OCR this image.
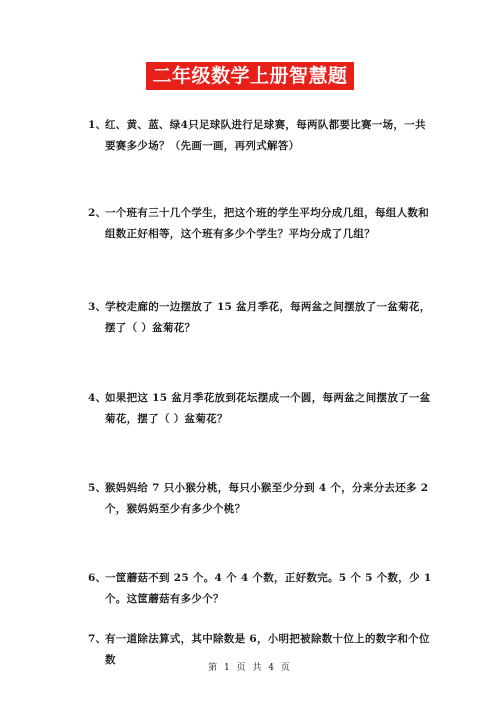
二年级数学上册智慧题
1、
红、黄、蓝、绿4只足球队进行足球赛，每两队都要比赛一场，一共要赛多少场？（先画一画，再列式解答）
2、
一个班有三十几个学生，把这个班的学生平均分成几组，每组人数和组数正好相等，这个班有多少个学生？平均分成了几组？
3、
学校走廊的一边摆放了 15 盆月季花，每两盆之间摆放了一盆菊花，摆了（ ）盆菊花？
4、
如果把这 15 盆月季花放到花坛摆成一个圆，每两盆之间摆放了一盆菊花，摆了（ ）盆菊花？
5、
猴妈妈给 7 只小猴分桃，每只小猴至少分到 4 个，分来分去还多 2 个，猴妈妈至少有多少个桃？
6、
一筐蘑菇不到 25 个。4 个 4 个数，正好数完。5 个 5 个数，少 1 个。这筐蘑菇有多少个？
7、
有一道除法算式，其中除数是 6，小明把被除数十位上的数字和个位数
第 1 页 共 4 页
